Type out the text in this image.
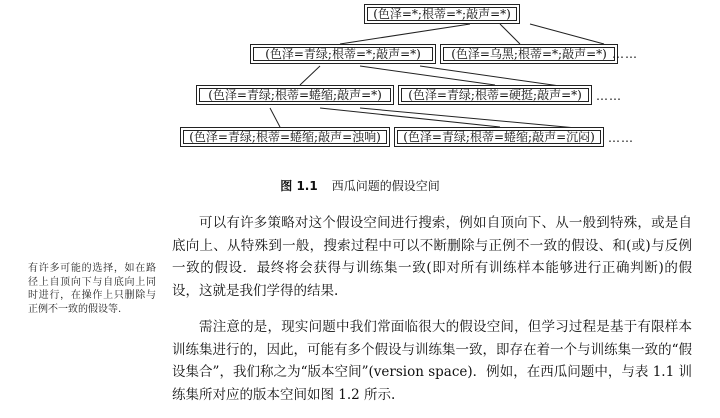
(色泽=*;根蒂=*;敲声=*)
(色泽=青绿;根蒂=*;敲声=*)	(色泽=乌黑;根蒂=*;敲声=*) ……
(色泽=青绿;根蒂=蜷缩;敲声=*)	(色泽=青绿;根蒂=硬挺;敲声=*)	……
(色泽=青绿;根蒂=蜷缩;敲声=浊响)	(色泽=青绿;根蒂=蜷缩;敲声=沉闷)	……
图 1.1 西瓜问题的假设空间
有许多可能的选择，如在路径上自顶向下与自底向上同时进行，在操作上只删除与正例不一致的假设等.

可以有许多策略对这个假设空间进行搜索，例如自顶向下、从一般到特殊，或是自底向上、从特殊到一般，搜索过程中可以不断删除与正例不一致的假设、和(或)与反例一致的假设．最终将会获得与训练集一致(即对所有训练样本能够进行正确判断)的假设，这就是我们学得的结果.

需注意的是，现实问题中我们常面临很大的假设空间，但学习过程是基于有限样本训练集进行的，因此，可能有多个假设与训练集一致，即存在着一个与训练集一致的“假设集合”，我们称之为“版本空间”(version space)．例如，在西瓜问题中，与表 1.1 训练集所对应的版本空间如图 1.2 所示.
